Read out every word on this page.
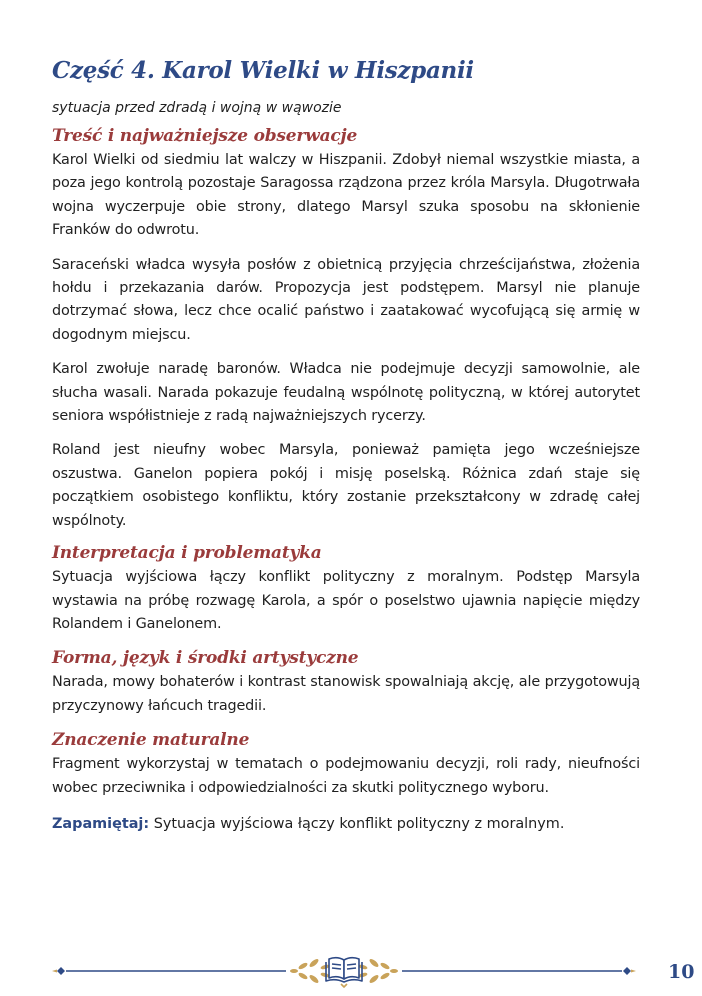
Część 4. Karol Wielki w Hiszpanii
sytuacja przed zdradą i wojną w wąwozie
Treść i najważniejsze obserwacje

Karol Wielki od siedmiu lat walczy w Hiszpanii. Zdobył niemal wszystkie miasta, a poza jego kontrolą pozostaje Saragossa rządzona przez króla Marsyla. Długotrwała wojna wyczerpuje obie strony, dlatego Marsyl szuka sposobu na skłonienie Franków do odwrotu.

Saraceński władca wysyła posłów z obietnicą przyjęcia chrześcijaństwa, złożenia hołdu i przekazania darów. Propozycja jest podstępem. Marsyl nie planuje dotrzymać słowa, lecz chce ocalić państwo i zaatakować wycofującą się armię w dogodnym miejscu.

Karol zwołuje naradę baronów. Władca nie podejmuje decyzji samowolnie, ale słucha wasali. Narada pokazuje feudalną wspólnotę polityczną, w której autorytet seniora współistnieje z radą najważniejszych rycerzy.

Roland jest nieufny wobec Marsyla, ponieważ pamięta jego wcześniejsze oszustwa. Ganelon popiera pokój i misję poselską. Różnica zdań staje się początkiem osobistego konfliktu, który zostanie przekształcony w zdradę całej wspólnoty.

Interpretacja i problematyka

Sytuacja wyjściowa łączy konflikt polityczny z moralnym. Podstęp Marsyla wystawia na próbę rozwagę Karola, a spór o poselstwo ujawnia napięcie między Rolandem i Ganelonem.

Forma, język i środki artystyczne

Narada, mowy bohaterów i kontrast stanowisk spowalniają akcję, ale przygotowują przyczynowy łańcuch tragedii.

Znaczenie maturalne

Fragment wykorzystaj w tematach o podejmowaniu decyzji, roli rady, nieufności wobec przeciwnika i odpowiedzialności za skutki politycznego wyboru.

Zapamiętaj: Sytuacja wyjściowa łączy konflikt polityczny z moralnym.
10
